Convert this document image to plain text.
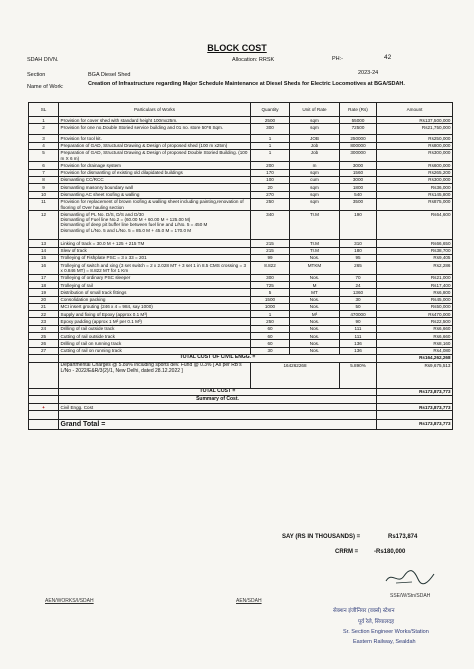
BLOCK COST
SDAH DIVN.	Allocation: RRSK	PH:-	42
Section	BGA Diesel Shed	2023-24
Name of Work:	Creation of Infrastructure regarding Major Schedule Maintenance at Diesel Sheds for Electric Locomotives at BGA/SDAH.
SL	Particulars of Works	Quantity	Unit of Rate	Rate (Rs)	Amount
1	Provision for cover shed with standard height 100mx25m.	2500	sqm	55000	Rs137,500,000
2	Provision for one no.Double Storied service building and 01 no. store 50*8 Sqm.	300	sqm	72500	Rs21,750,000
3	Provision for tool kit.	1	JOB	250000	Rs250,000
4	Preparation of GAD, Structural Drawing & Design of proposed shed (100 m x25m)	1	Job	800000	Rs800,000
5	Preparation of GAD, Structural Drawing & Design of proposed Double Storied Building. (100 m X 6 m)	1	Job	300000	Rs300,000
6	Provision for drainage system	200	m	3000	Rs600,000
7	Provision for dismantling of existing old dilapidated buildings	170	sqm	1560	Rs265,200
8	Dismantling CC/RCC	100	cum	3000	Rs300,000
9	Dismantling masonry boundary wall	20	sqm	1800	Rs36,000
10	Dismantling AC sheet roofing & walling	270	sqm	540	Rs145,800
11	Provision for replacement of brown roofing & walling sheet including painting,renovation of flooring of Over hauling section	250	sqm	3500	Rs875,000
12	Dismantling of PL No. D/S, D/S and D/30
Dismantling of Fuel line No.2 = (60.00 M + 60.00 M + 125.00 M)
Dismantling of deep pit buffer line between fuel line and L/No. 5 = 450 M
Dismantling of L/No. 5 and L/No. 5 = 85.0 M + 45.0 M = 170.0 M	340	Tr.M	190	Rs64,600
13	Linking of track = 30.0 M + 125 + 215 TM	215	Tr.M	310	Rs66,650
14	Slew of track	215	Tr.M	180	Rs38,700
15	Trolleying of Fishplate PSC = 3 x 33 = 201	99	Nos.	95	Rs9,405
16	Trolleying of switch and xing (3 set switch = 2 x 2.028 MT + 3 set 1 in 8.5 CMS crossing = 3 x 0.846 MT) = 8.822 MT for 1 Km	8.822	MTKM	265	Rs2,286
17	Trolleying of ordinary PSC sleeper	300	Nos.	70	Rs21,000
18	Trolleying of rail	725	M	24	Rs17,400
19	Distribution of small track fittings	5	MT	1360	Rs6,800
20	Consolidation packing	1500	Nos.	30	Rs45,000
21	MCI insert grouting (246 x 4 = 984, say 1000)	1000	Nos.	50	Rs50,000
22	Supply and fixing of Epoxy (approx 0.1 M³)	1	M³	470000	Rs470,000
23	Epoxy padding (approx 1 M² per 0.1 M³)	250	Nos.	90	Rs22,500
24	Drilling of rail outside track	60	Nos.	111	Rs6,660
25	Cutting of rail outside track	60	Nos.	111	Rs6,660
26	Drilling of rail on running track	60	Nos.	136	Rs8,160
27	Cutting of rail on running track	30	Nos.	136	Rs4,080
	TOTAL COST OF CIVIL ENGG. =				Rs164,262,268
	Departmental Charges @ 5.89% including sports dev. Fund @ 0.3% [ As per RB's L/No - 2022/E&R/3(2)/1, New Delhi, dated 28.12.2022 ]	164262268		5.890%	Rs9,675,513
	TOTAL COST =				Rs173,873,773
	Summary of Cost.				
✦	Civil Engg. Cost				Rs173,873,773

	Grand Total =				Rs173,873,773
SAY (RS IN THOUSANDS) =	Rs173,874
CRRM =	-Rs180,000
AEN/WORKS/I/SDAH	AEN/SDAH
SSE/W/Stn/SDAH
सेक्शन इंजीनियर (वर्क्स) स्टेशन
पूर्व रेले, सियालदह
Sr. Section Engineer Works/Station
Eastern Railway, Sealdah
